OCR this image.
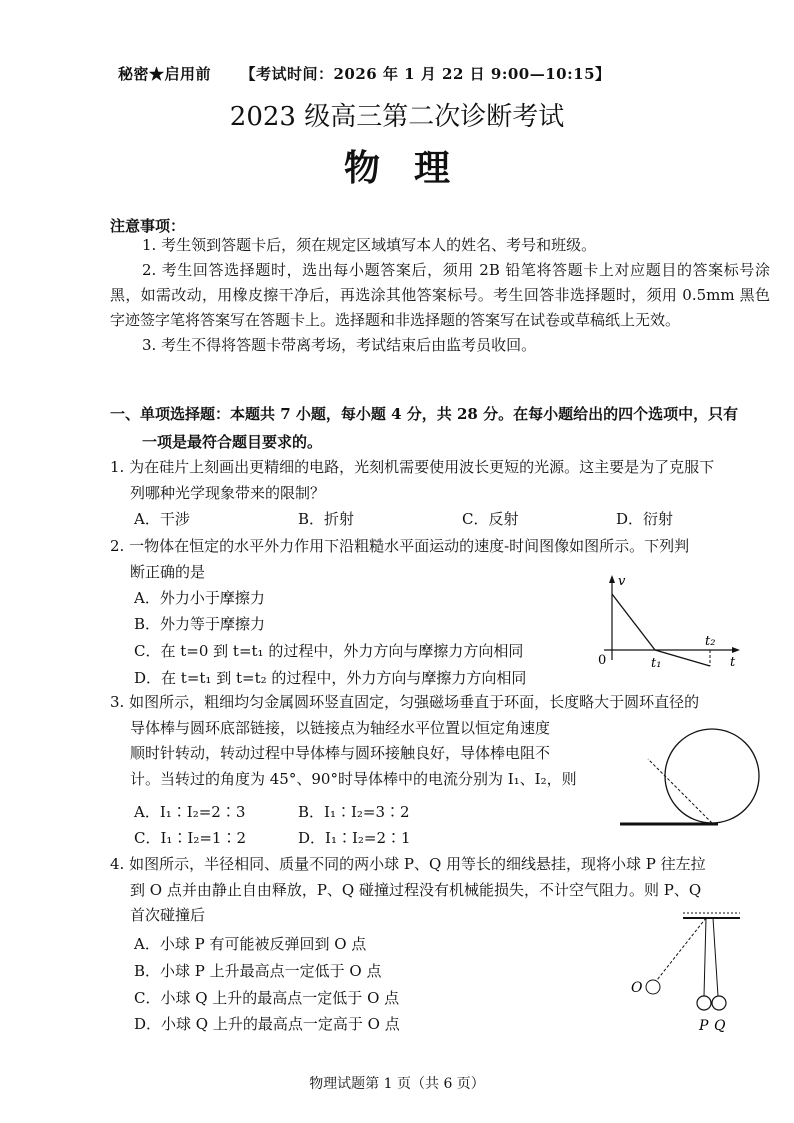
秘密★启用前 【考试时间：2026 年 1 月 22 日 9:00—10:15】
2023 级高三第二次诊断考试
物理
注意事项：
1. 考生领到答题卡后，须在规定区域填写本人的姓名、考号和班级。
2. 考生回答选择题时，选出每小题答案后，须用 2B 铅笔将答题卡上对应题目的答案标号涂黑，如需改动，用橡皮擦干净后，再选涂其他答案标号。考生回答非选择题时，须用 0.5mm 黑色字迹签字笔将答案写在答题卡上。选择题和非选择题的答案写在试卷或草稿纸上无效。
3. 考生不得将答题卡带离考场，考试结束后由监考员收回。
一、单项选择题：本题共 7 小题，每小题 4 分，共 28 分。在每小题给出的四个选项中，只有
一项是最符合题目要求的。
1. 为在硅片上刻画出更精细的电路，光刻机需要使用波长更短的光源。这主要是为了克服下
列哪种光学现象带来的限制？
A．干涉	B．折射	C．反射	D．衍射
2. 一物体在恒定的水平外力作用下沿粗糙水平面运动的速度-时间图像如图所示。下列判
断正确的是
A．外力小于摩擦力
B．外力等于摩擦力
C．在 t=0 到 t=t₁ 的过程中，外力方向与摩擦力方向相同
D．在 t=t₁ 到 t=t₂ 的过程中，外力方向与摩擦力方向相同
v
t
0	t₁
t₂
3. 如图所示，粗细均匀金属圆环竖直固定，匀强磁场垂直于环面，长度略大于圆环直径的
导体棒与圆环底部链接，以链接点为轴经水平位置以恒定角速度
顺时针转动，转动过程中导体棒与圆环接触良好，导体棒电阻不
计。当转过的角度为 45°、90°时导体棒中的电流分别为 I₁、I₂，则
A．I₁∶I₂=2∶3	B．I₁∶I₂=3∶2
C．I₁∶I₂=1∶2	D．I₁∶I₂=2∶1
4. 如图所示，半径相同、质量不同的两小球 P、Q 用等长的细线悬挂，现将小球 P 往左拉
到 O 点并由静止自由释放，P、Q 碰撞过程没有机械能损失，不计空气阻力。则 P、Q
首次碰撞后
A．小球 P 有可能被反弹回到 O 点
B．小球 P 上升最高点一定低于 O 点
C．小球 Q 上升的最高点一定低于 O 点
D．小球 Q 上升的最高点一定高于 O 点
O
P Q
物理试题第 1 页（共 6 页）
